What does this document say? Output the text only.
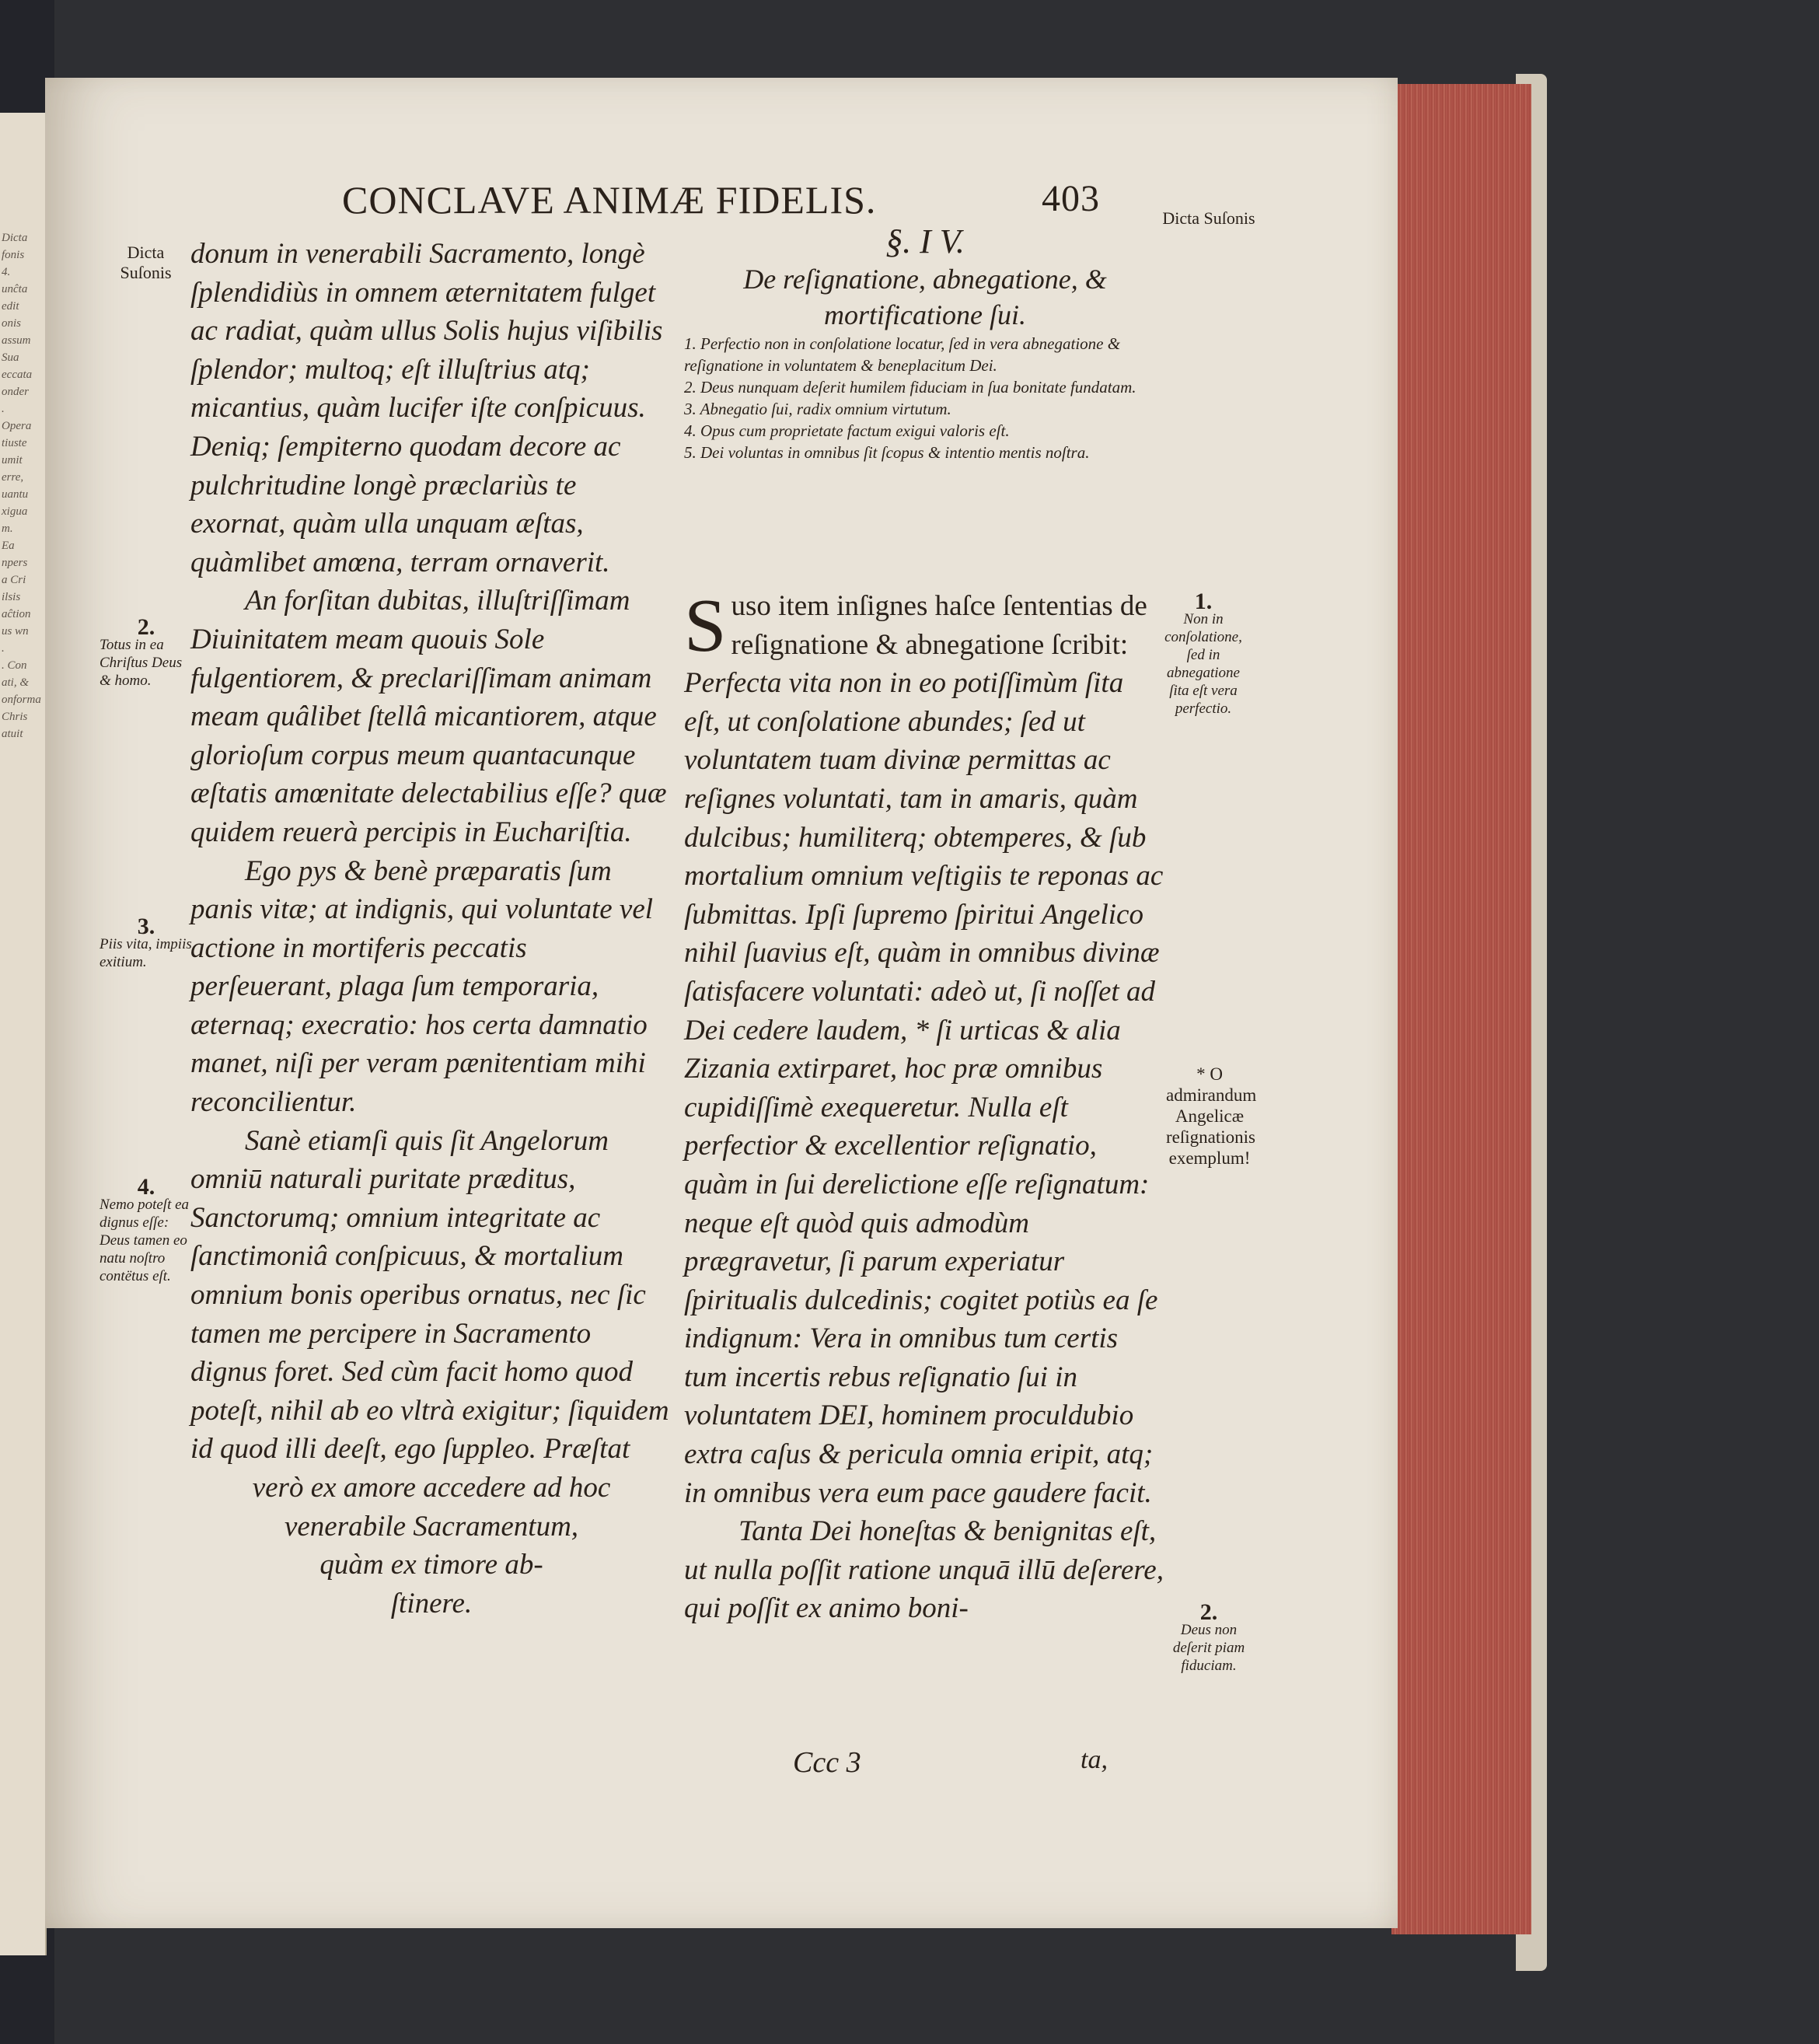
Dicta
fonis
4.
unĉta
edit
onis
assum
Sua
eccata
onder
.
Opera
tiuste
umit
erre,
uantu
xigua
m.
Ea
npers
a Cri
ilsis
aĉtion
us wn
.
. Con
ati, &
onforma
Chris
atuit
CONCLAVE ANIMÆ FIDELIS.	403
Dicta Suſonis
2.
Totus in ea Chriſtus Deus & homo.
3.
Piis vita, impiis exitium.
4.
Nemo poteſt ea dignus eſſe: Deus tamen eo natu noſtro contëtus eſt.

donum in venerabili Sacramento, longè ſplendidiùs in omnem æternitatem fulget ac radiat, quàm ullus Solis hujus viſibilis ſplendor; multoq; eſt illuſtrius atq; micantius, quàm lucifer iſte conſpicuus. Deniq; ſempiterno quodam decore ac pulchritudine longè præclariùs te exornat, quàm ulla unquam æſtas, quàmlibet amœna, terram ornaverit.

An forſitan dubitas, illuſtriſſimam Diuinitatem meam quouis Sole fulgentiorem, & preclariſſimam animam meam quâlibet ſtellâ micantiorem, atque glorioſum corpus meum quantacunque æſtatis amœnitate delectabilius eſſe? quæ quidem reuerà percipis in Euchariſtia.

Ego pys & benè præparatis ſum panis vitæ; at indignis, qui voluntate vel actione in mortiferis peccatis perſeuerant, plaga ſum temporaria, æternaq; execratio: hos certa damnatio manet, niſi per veram pænitentiam mihi reconcilientur.

Sanè etiamſi quis ſit Angelorum omniū naturali puritate præditus, Sanctorumq; omnium integritate ac ſanctimoniâ conſpicuus, & mortalium omnium bonis operibus ornatus, nec ſic tamen me percipere in Sacramento dignus foret. Sed cùm facit homo quod poteſt, nihil ab eo vltrà exigitur; ſiquidem id quod illi deeſt, ego ſuppleo. Præſtat

verò ex amore accedere ad hoc

venerabile Sacramentum,

quàm ex timore ab-

ſtinere.

§. I V.
De reſignatione, abnegatione, &
mortificatione ſui.

1. Perfectio non in conſolatione locatur, ſed in vera abnegatione & reſignatione in voluntatem & beneplacitum Dei.

2. Deus nunquam deſerit humilem fiduciam in ſua bonitate fundatam.

3. Abnegatio ſui, radix omnium virtutum.

4. Opus cum proprietate factum exigui valoris eſt.

5. Dei voluntas in omnibus ſit ſcopus & intentio mentis noſtra.

Suso item inſignes haſce ſententias de reſignatione & abnegatione ſcribit: Perfecta vita non in eo potiſſimùm ſita eſt, ut conſolatione abundes; ſed ut voluntatem tuam divinæ permittas ac reſignes voluntati, tam in amaris, quàm dulcibus; humiliterq; obtemperes, & ſub mortalium omnium veſtigiis te reponas ac ſubmittas. Ipſi ſupremo ſpiritui Angelico nihil ſuavius eſt, quàm in omnibus divinæ ſatisfacere voluntati: adeò ut, ſi noſſet ad Dei cedere laudem, * ſi urticas & alia Zizania extirparet, hoc præ omnibus cupidiſſimè exequeretur. Nulla eſt perfectior & excellentior reſignatio, quàm in ſui derelictione eſſe reſignatum: neque eſt quòd quis admodùm prægravetur, ſi parum experiatur ſpiritualis dulcedinis; cogitet potiùs ea ſe indignum: Vera in omnibus tum certis tum incertis rebus reſignatio ſui in voluntatem DEI, hominem proculdubio extra caſus & pericula omnia eripit, atq; in omnibus vera eum pace gaudere facit.

Tanta Dei honeſtas & benignitas eſt, ut nulla poſſit ratione unquā illū deſerere, qui poſſit ex animo boni-

Dicta Suſonis
1.
Non in conſolatione, ſed in abnegatione ſita eſt vera perfectio.
* O admirandum Angelicæ reſignationis exemplum!
2.
Deus non deſerit piam fiduciam.
Ccc 3	ta,
